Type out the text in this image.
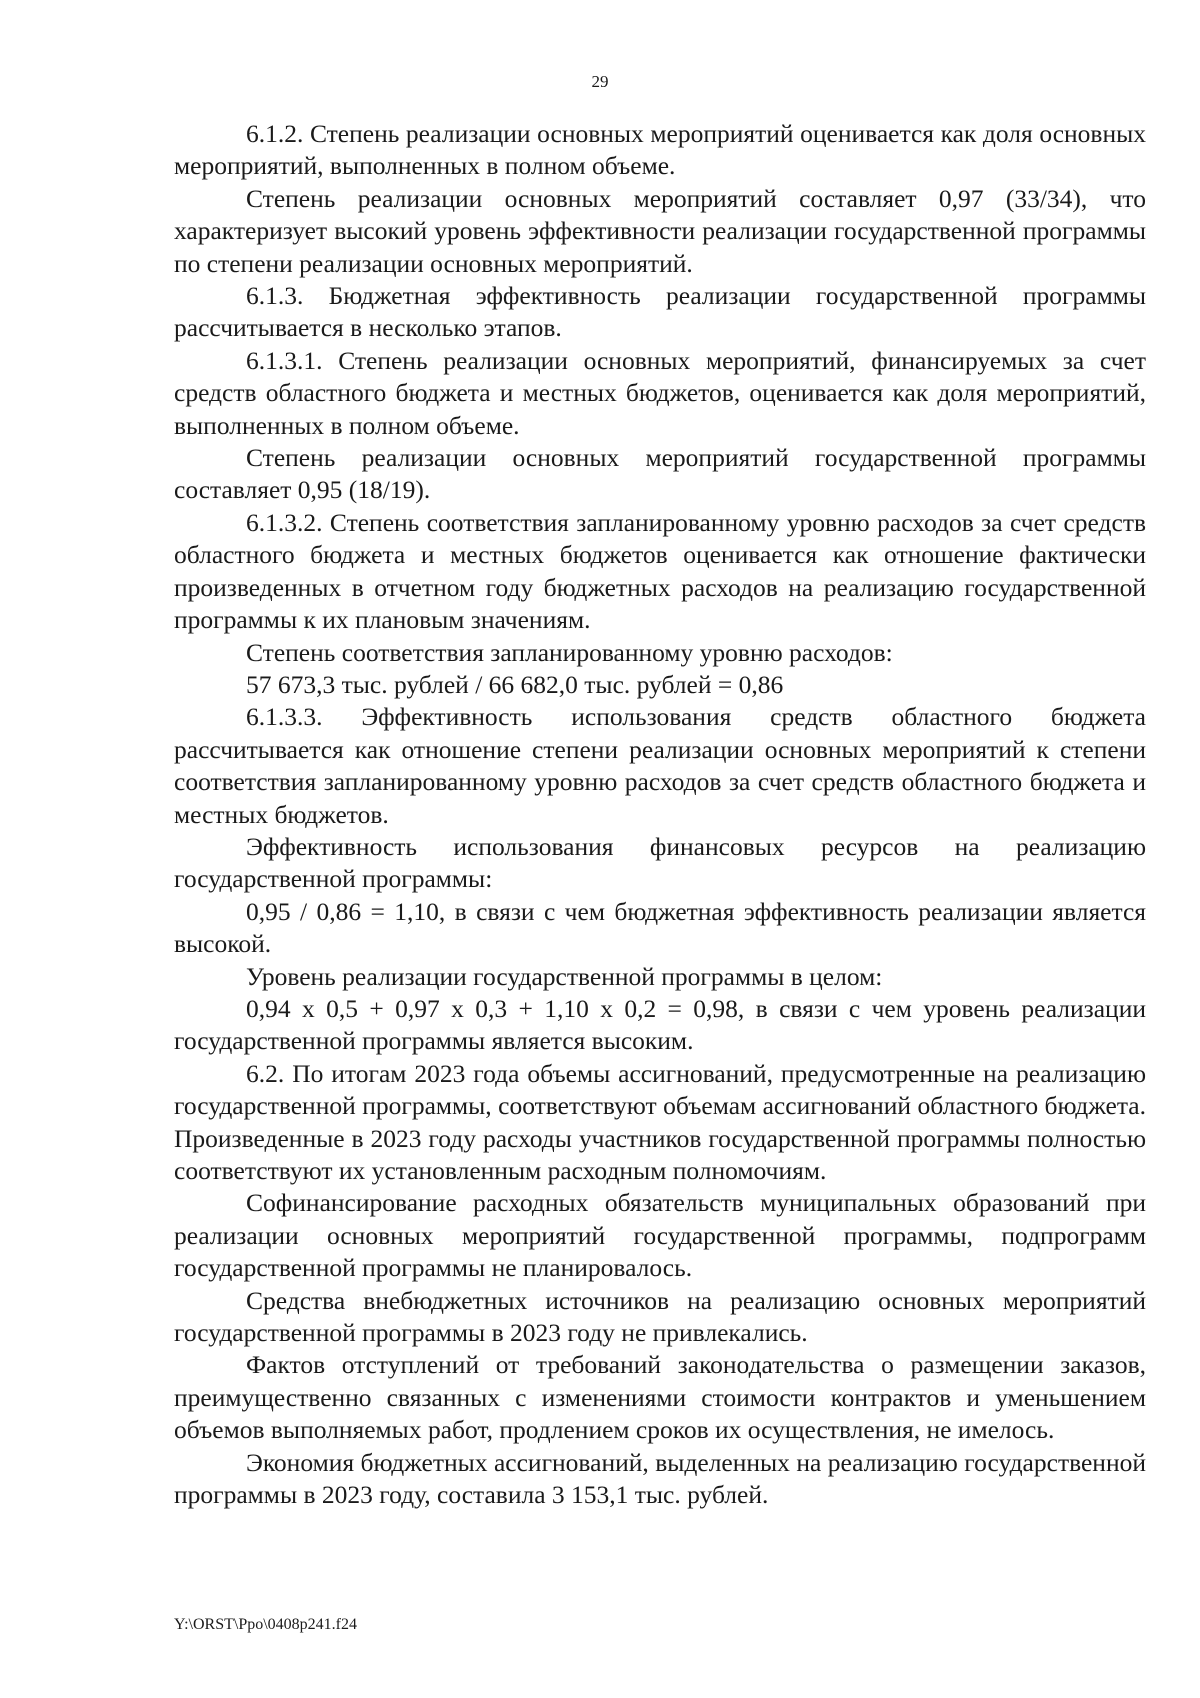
29

6.1.2. Степень реализации основных мероприятий оценивается как доля основных мероприятий, выполненных в полном объеме.

Степень реализации основных мероприятий составляет 0,97 (33/34), что характеризует высокий уровень эффективности реализации государственной программы по степени реализации основных мероприятий.

6.1.3. Бюджетная эффективность реализации государственной программы рассчитывается в несколько этапов.

6.1.3.1. Степень реализации основных мероприятий, финансируемых за счет средств областного бюджета и местных бюджетов, оценивается как доля мероприятий, выполненных в полном объеме.

Степень реализации основных мероприятий государственной программы составляет 0,95 (18/19).

6.1.3.2. Степень соответствия запланированному уровню расходов за счет средств областного бюджета и местных бюджетов оценивается как отношение фактически произведенных в отчетном году бюджетных расходов на реализацию государственной программы к их плановым значениям.

Степень соответствия запланированному уровню расходов:

57 673,3 тыс. рублей / 66 682,0 тыс. рублей = 0,86

6.1.3.3. Эффективность использования средств областного бюджета рассчитывается как отношение степени реализации основных мероприятий к степени соответствия запланированному уровню расходов за счет средств областного бюджета и местных бюджетов.

Эффективность использования финансовых ресурсов на реализацию государственной программы:

0,95 / 0,86 = 1,10, в связи с чем бюджетная эффективность реализации является высокой.

Уровень реализации государственной программы в целом:

0,94 x 0,5 + 0,97 x 0,3 + 1,10 x 0,2 = 0,98, в связи с чем уровень реализации государственной программы является высоким.

6.2. По итогам 2023 года объемы ассигнований, предусмотренные на реализацию государственной программы, соответствуют объемам ассигнований областного бюджета. Произведенные в 2023 году расходы участников государственной программы полностью соответствуют их установленным расходным полномочиям.

Софинансирование расходных обязательств муниципальных образований при реализации основных мероприятий государственной программы, подпрограмм государственной программы не планировалось.

Средства внебюджетных источников на реализацию основных мероприятий государственной программы в 2023 году не привлекались.

Фактов отступлений от требований законодательства о размещении заказов, преимущественно связанных с изменениями стоимости контрактов и уменьшением объемов выполняемых работ, продлением сроков их осуществления, не имелось.

Экономия бюджетных ассигнований, выделенных на реализацию государственной программы в 2023 году, составила 3 153,1 тыс. рублей.

Y:\ORST\Ppo\0408p241.f24
